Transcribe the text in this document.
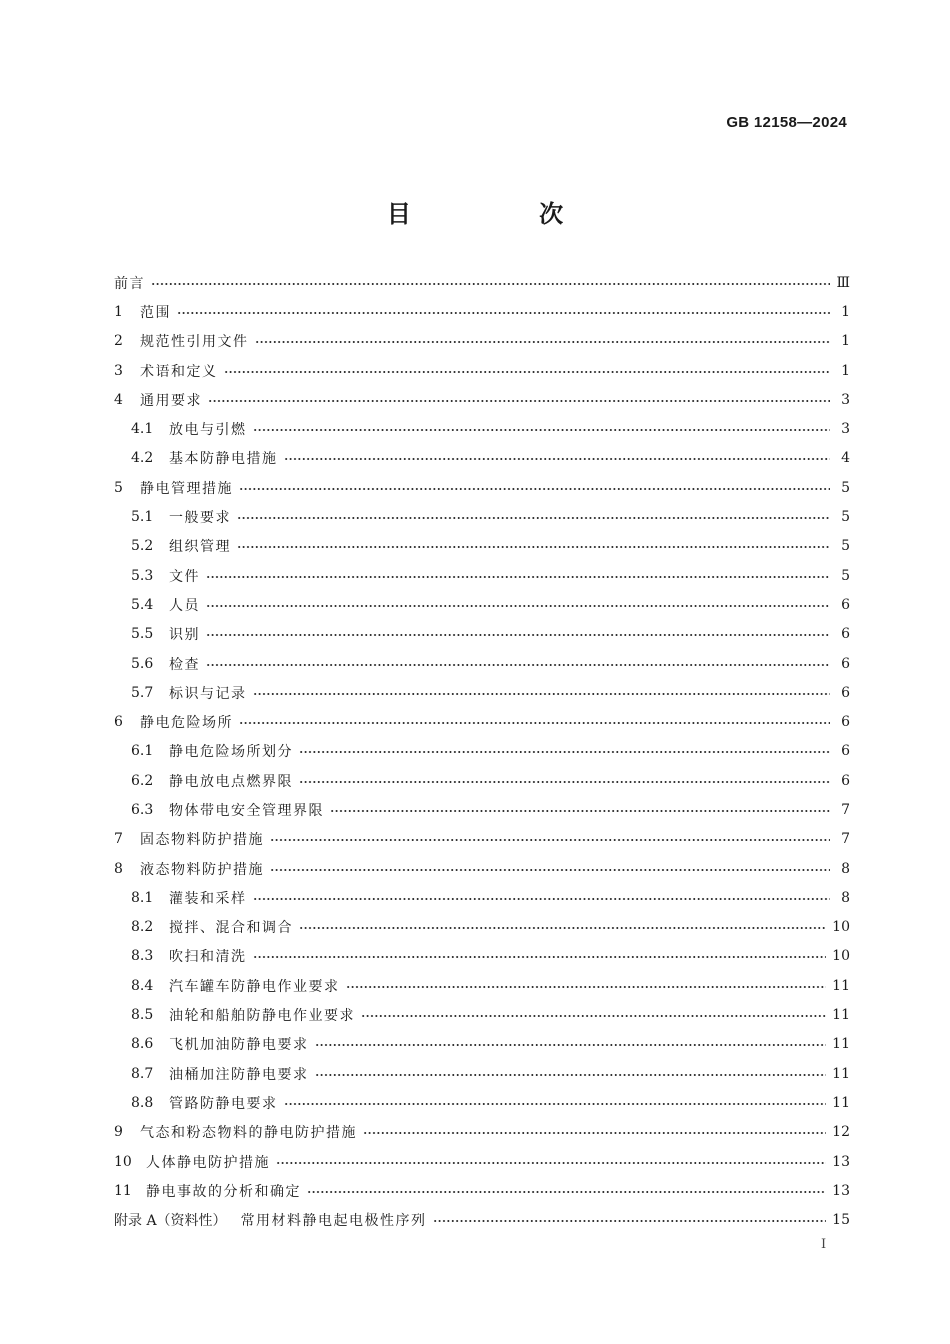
GB 12158—2024
目 次
前言	Ⅲ
1	范围	1
2	规范性引用文件	1
3	术语和定义	1
4	通用要求	3
4.1	放电与引燃	3
4.2	基本防静电措施	4
5	静电管理措施	5
5.1	一般要求	5
5.2	组织管理	5
5.3	文件	5
5.4	人员	6
5.5	识别	6
5.6	检查	6
5.7	标识与记录	6
6	静电危险场所	6
6.1	静电危险场所划分	6
6.2	静电放电点燃界限	6
6.3	物体带电安全管理界限	7
7	固态物料防护措施	7
8	液态物料防护措施	8
8.1	灌装和采样	8
8.2	搅拌、混合和调合	10
8.3	吹扫和清洗	10
8.4	汽车罐车防静电作业要求	11
8.5	油轮和船舶防静电作业要求	11
8.6	飞机加油防静电要求	11
8.7	油桶加注防静电要求	11
8.8	管路防静电要求	11
9	气态和粉态物料的静电防护措施	12
10	人体静电防护措施	13
11	静电事故的分析和确定	13
附录 A（资料性） 常用材料静电起电极性序列	15
Ⅰ
